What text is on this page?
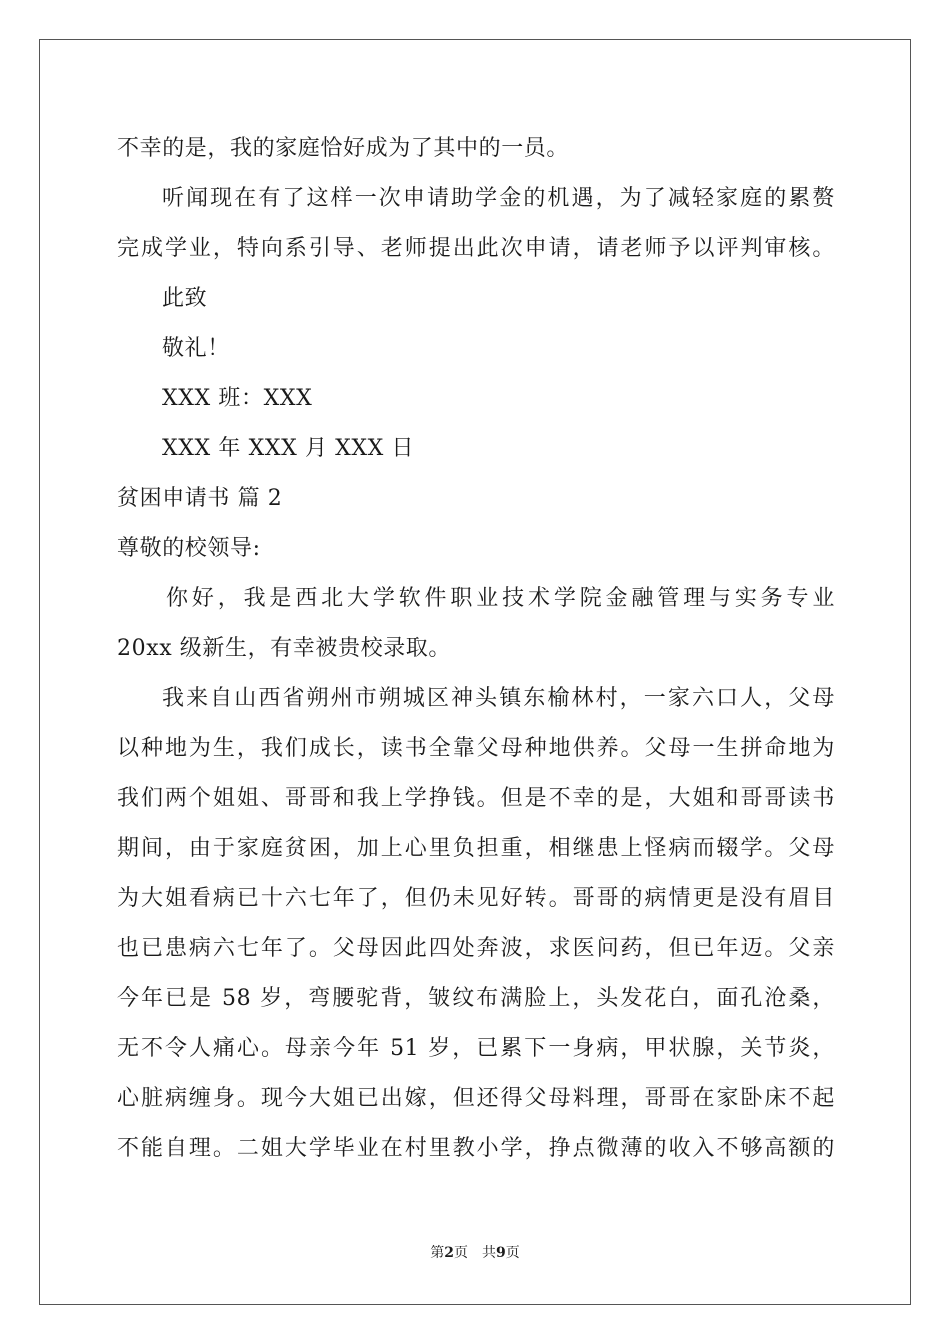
不幸的是，我的家庭恰好成为了其中的一员。
听闻现在有了这样一次申请助学金的机遇，为了减轻家庭的累赘
完成学业，特向系引导、老师提出此次申请，请老师予以评判审核。
此致
敬礼！
XXX 班：XXX
XXX 年 XXX 月 XXX 日
贫困申请书 篇 2
尊敬的校领导:
你好，我是西北大学软件职业技术学院金融管理与实务专业
20xx 级新生，有幸被贵校录取。
我来自山西省朔州市朔城区神头镇东榆林村，一家六口人，父母
以种地为生，我们成长，读书全靠父母种地供养。父母一生拼命地为
我们两个姐姐、哥哥和我上学挣钱。但是不幸的是，大姐和哥哥读书
期间，由于家庭贫困，加上心里负担重，相继患上怪病而辍学。父母
为大姐看病已十六七年了，但仍未见好转。哥哥的病情更是没有眉目
也已患病六七年了。父母因此四处奔波，求医问药，但已年迈。父亲
今年已是 58 岁，弯腰驼背，皱纹布满脸上，头发花白，面孔沧桑，
无不令人痛心。母亲今年 51 岁，已累下一身病，甲状腺，关节炎，
心脏病缠身。现今大姐已出嫁，但还得父母料理，哥哥在家卧床不起
不能自理。二姐大学毕业在村里教小学，挣点微薄的收入不够高额的
第2页 共9页
